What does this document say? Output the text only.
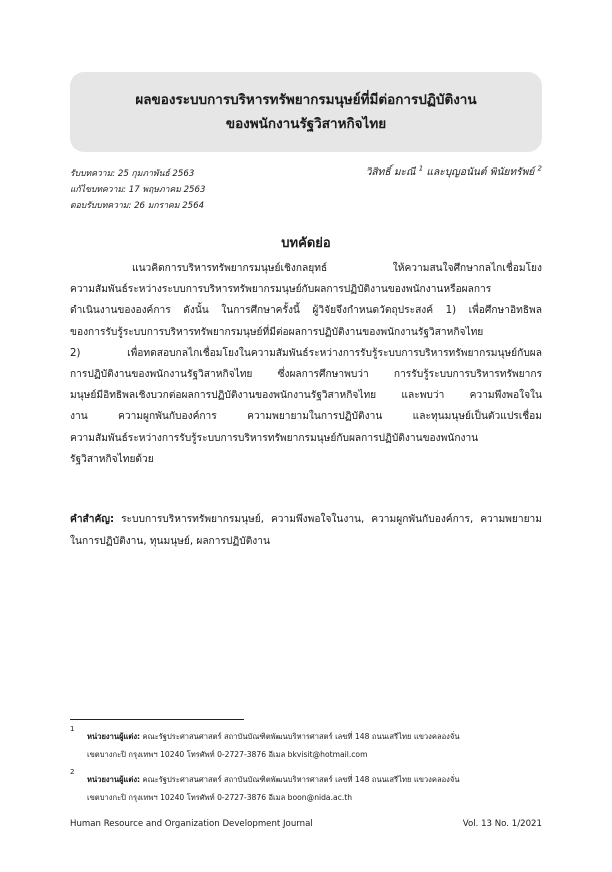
ผลของระบบการบริหารทรัพยากรมนุษย์ที่มีต่อการปฏิบัติงาน
ของพนักงานรัฐวิสาหกิจไทย
รับบทความ: 25 กุมภาพันธ์ 2563
แก้ไขบทความ: 17 พฤษภาคม 2563
ตอบรับบทความ: 26 มกราคม 2564
วิสิทธิ์ มะณี $^1$ และบุญอนันต์ พินัยทรัพย์ $^2$
บทคัดย่อ
แนวคิดการบริหารทรัพยากรมนุษย์เชิงกลยุทธ์ ให้ความสนใจศึกษากลไกเชื่อมโยง
ความสัมพันธ์ระหว่างระบบการบริหารทรัพยากรมนุษย์กับผลการปฏิบัติงานของพนักงานหรือผลการ
ดำเนินงานขององค์การ ดังนั้น ในการศึกษาครั้งนี้ ผู้วิจัยจึงกำหนดวัตถุประสงค์ 1) เพื่อศึกษาอิทธิพล
ของการรับรู้ระบบการบริหารทรัพยากรมนุษย์ที่มีต่อผลการปฏิบัติงานของพนักงานรัฐวิสาหกิจไทย
2) เพื่อทดสอบกลไกเชื่อมโยงในความสัมพันธ์ระหว่างการรับรู้ระบบการบริหารทรัพยากรมนุษย์กับผล
การปฏิบัติงานของพนักงานรัฐวิสาหกิจไทย ซึ่งผลการศึกษาพบว่า การรับรู้ระบบการบริหารทรัพยากร
มนุษย์มีอิทธิพลเชิงบวกต่อผลการปฏิบัติงานของพนักงานรัฐวิสาหกิจไทย และพบว่า ความพึงพอใจใน
งาน ความผูกพันกับองค์การ ความพยายามในการปฏิบัติงาน และทุนมนุษย์เป็นตัวแปรเชื่อม
ความสัมพันธ์ระหว่างการรับรู้ระบบการบริหารทรัพยากรมนุษย์กับผลการปฏิบัติงานของพนักงาน
รัฐวิสาหกิจไทยด้วย
คำสำคัญ: ระบบการบริหารทรัพยากรมนุษย์, ความพึงพอใจในงาน, ความผูกพันกับองค์การ, ความพยายาม
ในการปฏิบัติงาน, ทุนมนุษย์, ผลการปฏิบัติงาน
1
หน่วยงานผู้แต่ง: คณะรัฐประศาสนศาสตร์ สถาบันบัณฑิตพัฒนบริหารศาสตร์ เลขที่ 148 ถนนเสรีไทย แขวงคลองจั่น
เขตบางกะปิ กรุงเทพฯ 10240 โทรศัพท์ 0-2727-3876 อีเมล bkvisit@hotmail.com
2
หน่วยงานผู้แต่ง: คณะรัฐประศาสนศาสตร์ สถาบันบัณฑิตพัฒนบริหารศาสตร์ เลขที่ 148 ถนนเสรีไทย แขวงคลองจั่น
เขตบางกะปิ กรุงเทพฯ 10240 โทรศัพท์ 0-2727-3876 อีเมล boon@nida.ac.th
Human Resource and Organization Development Journal	Vol. 13 No. 1/2021
